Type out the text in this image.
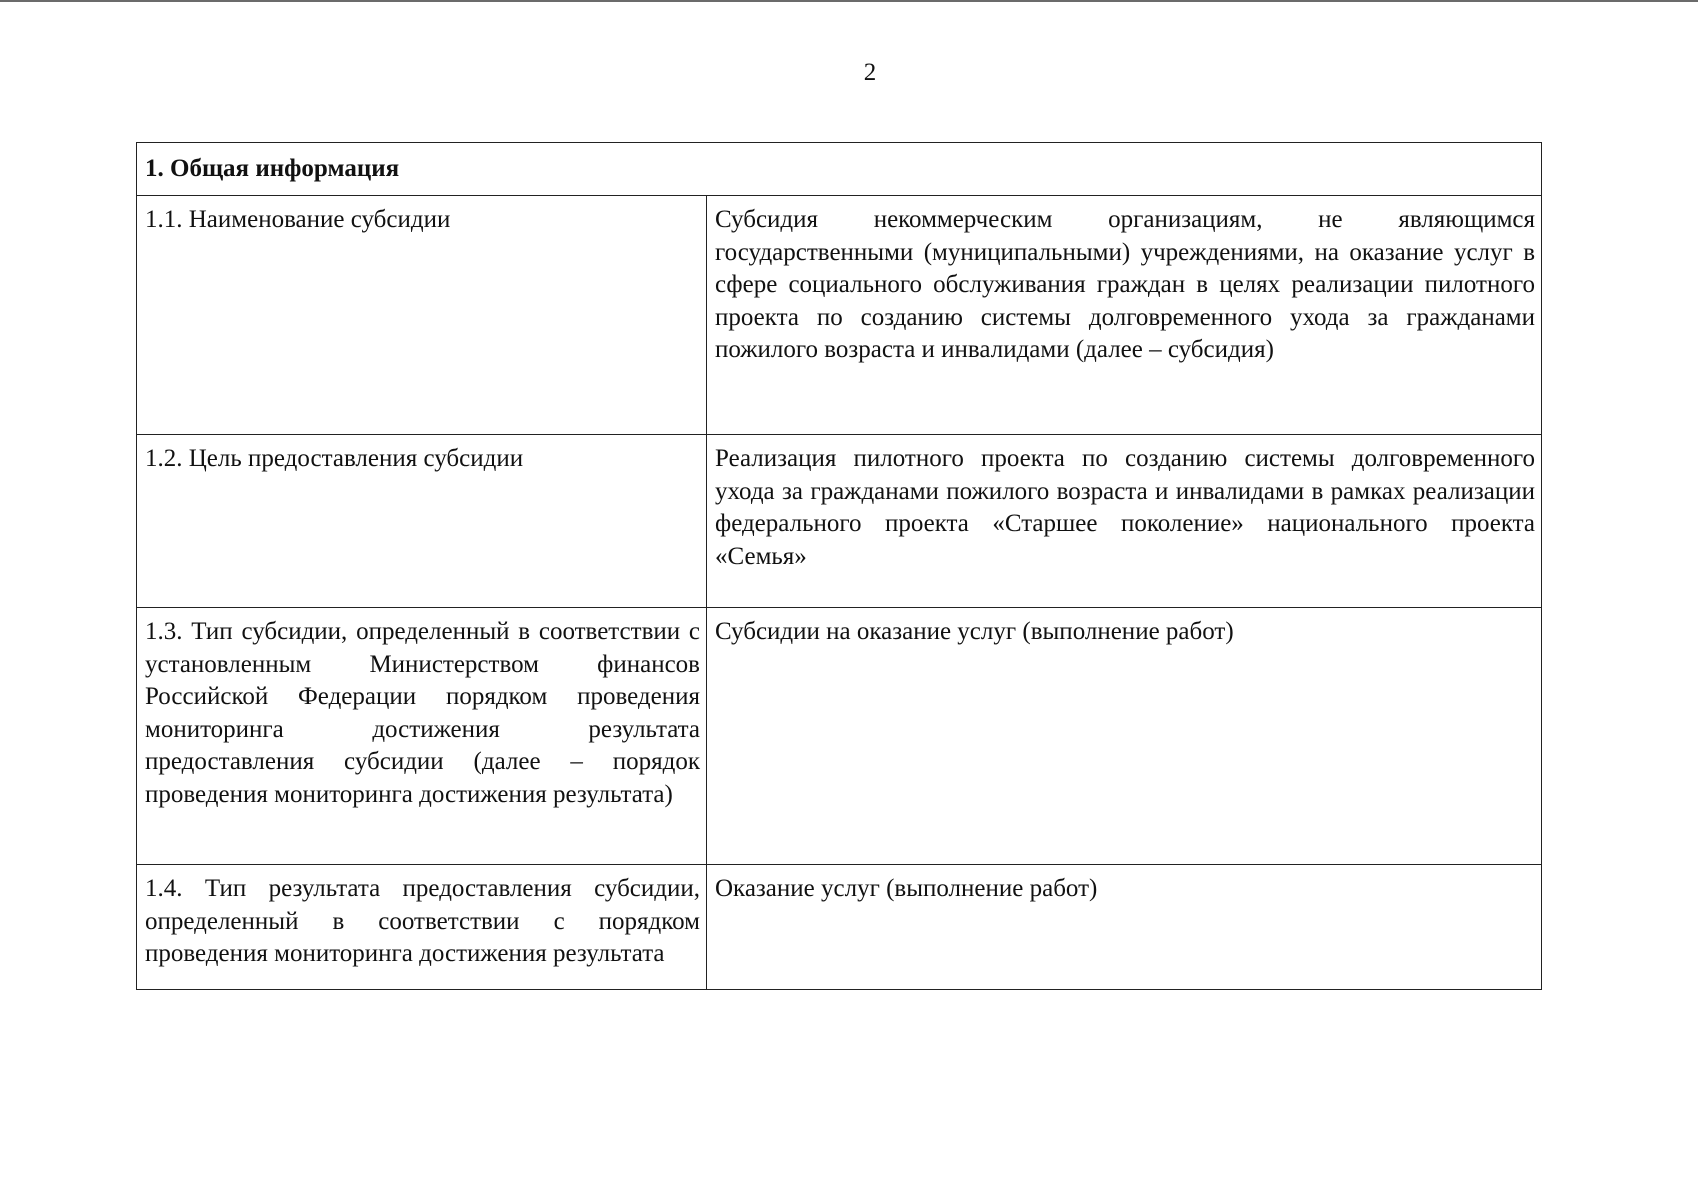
2
1. Общая информация	
1.1. Наименование субсидии	Субсидия некоммерческим организациям, не являющимся государственными (муниципальными) учреждениями, на оказание услуг в сфере социального обслуживания граждан в целях реализации пилотного проекта по созданию системы долговременного ухода за гражданами пожилого возраста и инвалидами (далее – субсидия)
1.2. Цель предоставления субсидии	Реализация пилотного проекта по созданию системы долговременного ухода за гражданами пожилого возраста и инвалидами в рамках реализации федерального проекта «Старшее поколение» национального проекта «Семья»
1.3. Тип субсидии, определенный в соответствии с установленным Министерством финансов Российской Федерации порядком проведения мониторинга достижения результата предоставления субсидии (далее – порядок проведения мониторинга достижения результата)	Субсидии на оказание услуг (выполнение работ)
1.4. Тип результата предоставления субсидии, определенный в соответствии с порядком проведения мониторинга достижения результата	Оказание услуг (выполнение работ)
